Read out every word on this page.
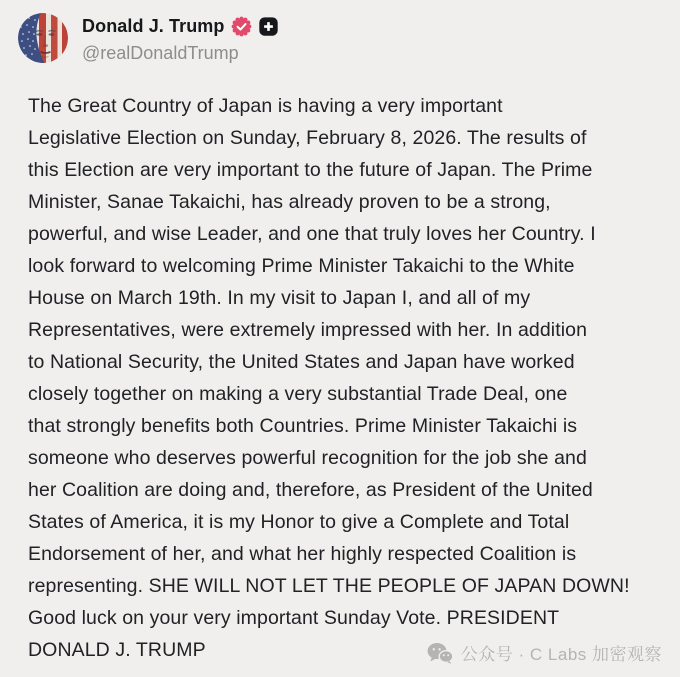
Donald J. Trump
@realDonaldTrump
The Great Country of Japan is having a very important
Legislative Election on Sunday, February 8, 2026. The results of
this Election are very important to the future of Japan. The Prime
Minister, Sanae Takaichi, has already proven to be a strong,
powerful, and wise Leader, and one that truly loves her Country. I
look forward to welcoming Prime Minister Takaichi to the White
House on March 19th. In my visit to Japan I, and all of my
Representatives, were extremely impressed with her. In addition
to National Security, the United States and Japan have worked
closely together on making a very substantial Trade Deal, one
that strongly benefits both Countries. Prime Minister Takaichi is
someone who deserves powerful recognition for the job she and
her Coalition are doing and, therefore, as President of the United
States of America, it is my Honor to give a Complete and Total
Endorsement of her, and what her highly respected Coalition is
representing. SHE WILL NOT LET THE PEOPLE OF JAPAN DOWN!
Good luck on your very important Sunday Vote. PRESIDENT
DONALD J. TRUMP	公众号 · C Labs 加密观察
